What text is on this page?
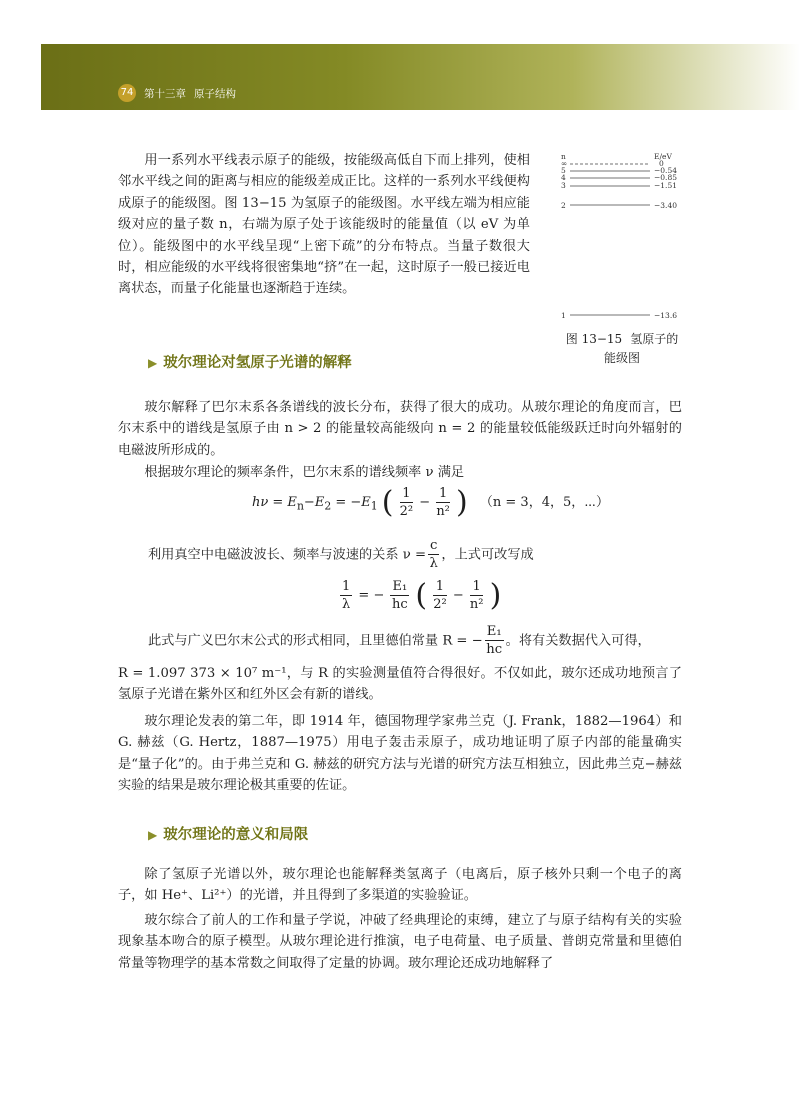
74 第十三章 原子结构

用一系列水平线表示原子的能级，按能级高低自下而上排列，使相邻水平线之间的距离与相应的能级差成正比。这样的一系列水平线便构成原子的能级图。图 13−15 为氢原子的能级图。水平线左端为相应能级对应的量子数 n，右端为原子处于该能级时的能量值（以 eV 为单位）。能级图中的水平线呈现“上密下疏”的分布特点。当量子数很大时，相应能级的水平线将很密集地“挤”在一起，这时原子一般已接近电离状态，而量子化能量也逐渐趋于连续。

n	E/eV
∞	0
5	−0.54
4	−0.85
3	−1.51
2	−3.40
1	−13.6
图 13−15 氢原子的
能级图
▶ 玻尔理论对氢原子光谱的解释

玻尔解释了巴尔末系各条谱线的波长分布，获得了很大的成功。从玻尔理论的角度而言，巴尔末系中的谱线是氢原子由 n > 2 的能量较高能级向 n = 2 的能量较低能级跃迁时向外辐射的电磁波所形成的。

根据玻尔理论的频率条件，巴尔末系的谱线频率 ν 满足

$h\nu = E_n-E_2 = -E_1$ ( $\frac{1}{\text{2²}} - \frac{1}{\text{n²}}$ ) （n = 3，4，5，⋯）
利用真空中电磁波波长、频率与波速的关系 $\nu = \frac{c}{\lambda}$ ，上式可改写成
$\frac{1}{\lambda}$ = − $\frac{\text{E₁}}{hc}$ ( $\frac{1}{\text{2²}} - \frac{1}{\text{n²}}$ )
此式与广义巴尔末公式的形式相同，且里德伯常量 R = − $\frac{\text{E₁}}{hc}$ 。将有关数据代入可得，

R = 1.097 373 × 10⁷ m⁻¹，与 R 的实验测量值符合得很好。不仅如此，玻尔还成功地预言了氢原子光谱在紫外区和红外区会有新的谱线。

玻尔理论发表的第二年，即 1914 年，德国物理学家弗兰克（J. Frank，1882—1964）和 G. 赫兹（G. Hertz，1887—1975）用电子轰击汞原子，成功地证明了原子内部的能量确实是“量子化”的。由于弗兰克和 G. 赫兹的研究方法与光谱的研究方法互相独立，因此弗兰克−赫兹实验的结果是玻尔理论极其重要的佐证。

▶ 玻尔理论的意义和局限

除了氢原子光谱以外，玻尔理论也能解释类氢离子（电离后，原子核外只剩一个电子的离子，如 He⁺、Li²⁺）的光谱，并且得到了多渠道的实验验证。

玻尔综合了前人的工作和量子学说，冲破了经典理论的束缚，建立了与原子结构有关的实验现象基本吻合的原子模型。从玻尔理论进行推演，电子电荷量、电子质量、普朗克常量和里德伯常量等物理学的基本常数之间取得了定量的协调。玻尔理论还成功地解释了
